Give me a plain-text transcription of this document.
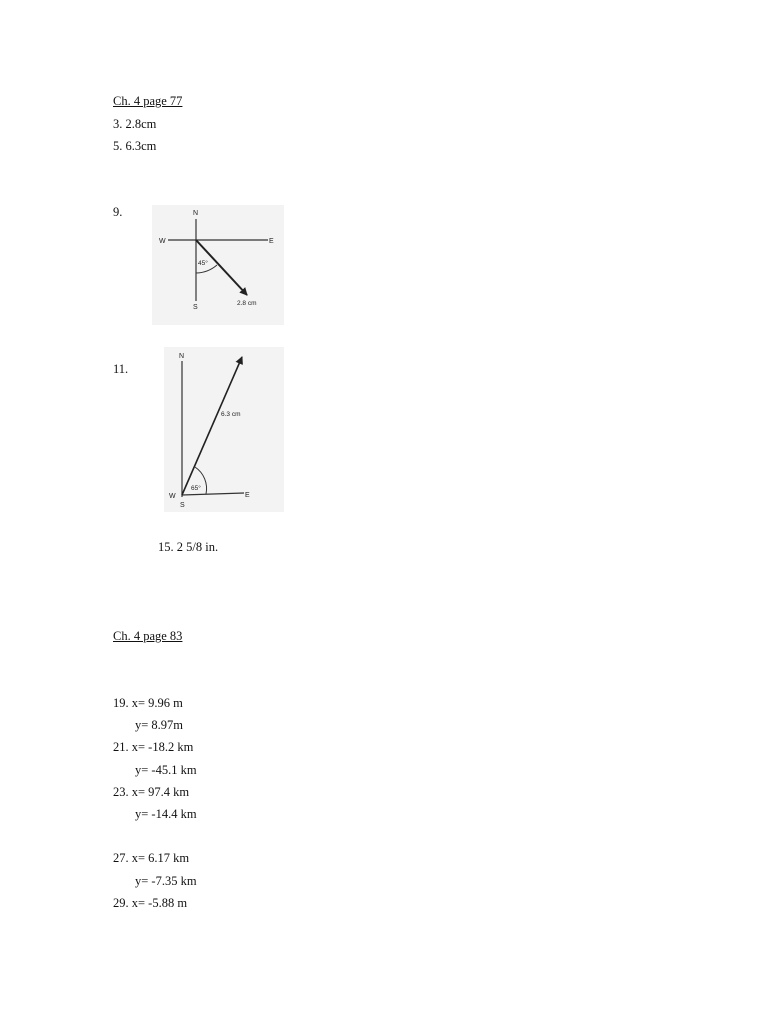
Ch. 4 page 77
3. 2.8cm
5. 6.3cm
9.	N
S
W	E
45°
2.8 cm
11.
N
S
W	E
65°
6.3 cm
15. 2 5/8 in.
Ch. 4 page 83
19. x= 9.96 m
y= 8.97m
21. x= -18.2 km
y= -45.1 km
23. x= 97.4 km
y= -14.4 km
27. x= 6.17 km
y= -7.35 km
29. x= -5.88 m
